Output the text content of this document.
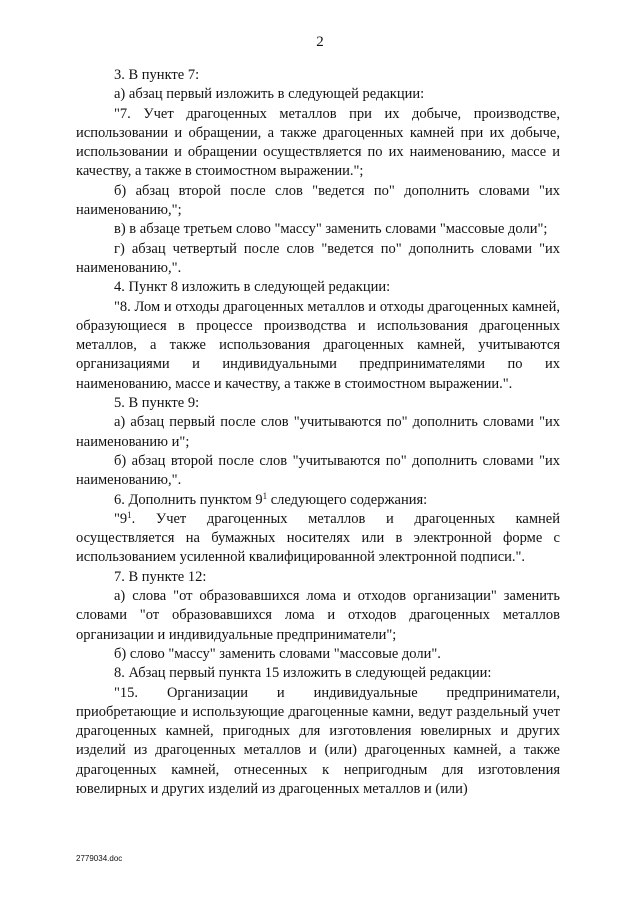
2

3. В пункте 7:

а) абзац первый изложить в следующей редакции:

"7. Учет драгоценных металлов при их добыче, производстве, использовании и обращении, а также драгоценных камней при их добыче, использовании и обращении осуществляется по их наименованию, массе и качеству, а также в стоимостном выражении.";

б) абзац второй после слов "ведется по" дополнить словами "их наименованию,";

в) в абзаце третьем слово "массу" заменить словами "массовые доли";

г) абзац четвертый после слов "ведется по" дополнить словами "их наименованию,".

4. Пункт 8 изложить в следующей редакции:

"8. Лом и отходы драгоценных металлов и отходы драгоценных камней, образующиеся в процессе производства и использования драгоценных металлов, а также использования драгоценных камней, учитываются организациями и индивидуальными предпринимателями по их наименованию, массе и качеству, а также в стоимостном выражении.".

5. В пункте 9:

а) абзац первый после слов "учитываются по" дополнить словами "их наименованию и";

б) абзац второй после слов "учитываются по" дополнить словами "их наименованию,".

6. Дополнить пунктом $9^1$ следующего содержания:

"$9^1$. Учет драгоценных металлов и драгоценных камней осуществляется на бумажных носителях или в электронной форме с использованием усиленной квалифицированной электронной подписи.".

7. В пункте 12:

а) слова "от образовавшихся лома и отходов организации" заменить словами "от образовавшихся лома и отходов драгоценных металлов организации и индивидуальные предприниматели";

б) слово "массу" заменить словами "массовые доли".

8. Абзац первый пункта 15 изложить в следующей редакции:

"15. Организации и индивидуальные предприниматели, приобретающие и использующие драгоценные камни, ведут раздельный учет драгоценных камней, пригодных для изготовления ювелирных и других изделий из драгоценных металлов и (или) драгоценных камней, а также драгоценных камней, отнесенных к непригодным для изготовления ювелирных и других изделий из драгоценных металлов и (или)

2779034.doc
